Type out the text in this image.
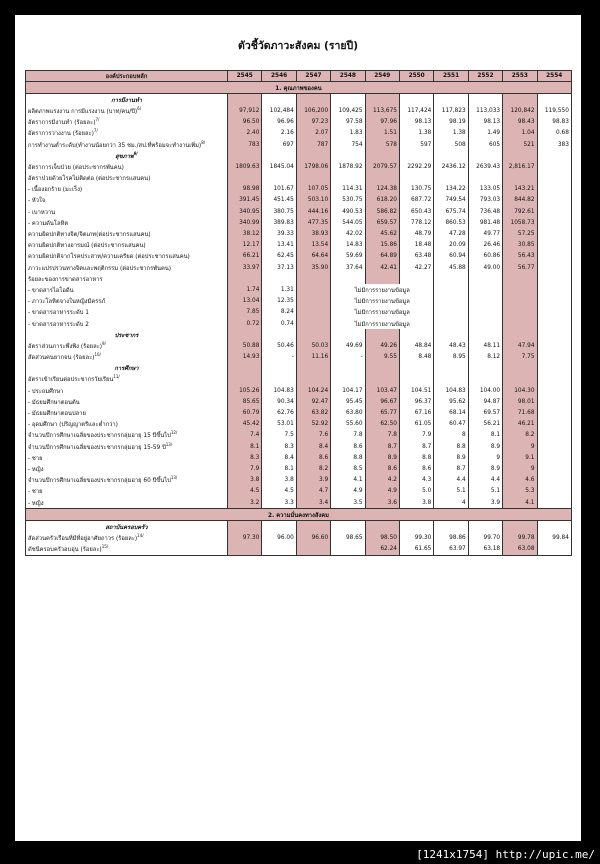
ตัวชี้วัดภาวะสังคม (รายปี)
องค์ประกอบหลัก	2545	2546	2547	2548	2549	2550	2551	2552	2553	2554
1. คุณภาพของคน										
การมีงานทำ										
ผลิตภาพแรงงาน การมีแรงงาน (บาท/คน/ปี)$^{6/}$	97,912	102,484	106,200	109,425	113,675	117,424	117,823	113,033	120,842	119,550
อัตราการมีงานทำ (ร้อยละ)$^{7/}$	96.50	96.96	97.23	97.58	97.96	98.13	98.19	98.13	98.43	98.83
อัตราการว่างงาน (ร้อยละ)$^{7/}$	2.40	2.16	2.07	1.83	1.51	1.38	1.38	1.49	1.04	0.68
การทำงานต่ำระดับ(ทำงานน้อยกว่า 35 ชม./สป.ที่พร้อมจะทำงานเพิ่ม)$^{8/}$	783	697	787	754	578	597	508	605	521	383
สุขภาพ$^{9/}$										
อัตราการเจ็บป่วย (ต่อประชากรพันคน)	1809.63	1845.04	1798.06	1878.92	2079.57	2292.29	2436.12	2639.43	2,816.17	
อัตราป่วยด้วยโรคไม่ติดต่อ (ต่อประชากรแสนคน)										
- เนื้องอกร้าย (มะเร็ง)	98.98	101.67	107.05	114.31	124.38	130.75	134.22	133.05	143.21	
- หัวใจ	391.45	451.45	503.10	530.75	618.20	687.72	749.54	793.03	844.82	
- เบาหวาน	340.95	380.75	444.16	490.53	586.82	650.43	675.74	736.48	792.61	
- ความดันโลหิต	340.99	389.83	477.35	544.05	659.57	778.12	860.53	981.48	1058.73	
ความผิดปกติทางจิต/จิตเภท(ต่อประชากรแสนคน)	38.12	39.33	38.93	42.02	45.62	48.79	47.28	49.77	57.25	
ความผิดปกติทางอารมณ์ (ต่อประชากรแสนคน)	12.17	13.41	13.54	14.83	15.86	18.48	20.09	26.46	30.85	
ความผิดปกติจากโรคประสาท/ความเครียด (ต่อประชากรแสนคน)	66.21	62.45	64.64	59.69	64.89	63.48	60.94	60.86	56.43	
ภาวะแปรปรวนทางจิตและพฤติกรรม (ต่อประชากรพันคน)	33.97	37.13	35.90	37.64	42.41	42.27	45.88	49.00	56.77	
ร้อยละของการขาดสารอาหาร										
- ขาดสารไอโอดีน	1.74	1.31		ไม่มีการรายงานข้อมูล						
- ภาวะโลหิตจางในหญิงมีครรภ์	13.04	12.35		ไม่มีการรายงานข้อมูล						
- ขาดสารอาหารระดับ 1	7.85	8.24		ไม่มีการรายงานข้อมูล						
- ขาดสารอาหารระดับ 2	0.72	0.74		ไม่มีการรายงานข้อมูล						
ประชากร										
อัตราส่วนภาระพึ่งพิง (ร้อยละ)$^{9/}$	50.88	50.46	50.03	49.69	49.26	48.84	48.43	48.11	47.94	
สัดส่วนคนยากจน (ร้อยละ)$^{10/}$	14.93	-	11.16	-	9.55	8.48	8.95	8.12	7.75	
การศึกษา										
อัตราเข้าเรียนต่อประชากรวัยเรียน$^{11/}$										
- ประถมศึกษา	105.26	104.83	104.24	104.17	103.47	104.51	104.83	104.00	104.30	
- มัธยมศึกษาตอนต้น	85.65	90.34	92.47	95.45	96.67	96.37	95.62	94.87	98.01	
- มัธยมศึกษาตอนปลาย	60.79	62.76	63.82	63.80	65.77	67.16	68.14	69.57	71.68	
- อุดมศึกษา (ปริญญาตรีและต่ำกว่า)	45.42	53.01	52.92	55.60	62.50	61.05	60.47	56.21	46.21	
จำนวนปีการศึกษาเฉลี่ยของประชากรกลุ่มอายุ 15 ปีขึ้นไป$^{12/}$	7.4	7.5	7.6	7.8	7.8	7.9	8	8.1	8.2	
จำนวนปีการศึกษาเฉลี่ยของประชากรกลุ่มอายุ 15-59 ปี$^{13/}$	8.1	8.3	8.4	8.6	8.7	8.7	8.8	8.9	9	
- ชาย	8.3	8.4	8.6	8.8	8.9	8.8	8.9	9	9.1	
- หญิง	7.9	8.1	8.2	8.5	8.6	8.6	8.7	8.9	9	
จำนวนปีการศึกษาเฉลี่ยของประชากรกลุ่มอายุ 60 ปีขึ้นไป$^{13/}$	3.8	3.8	3.9	4.1	4.2	4.3	4.4	4.4	4.6	
- ชาย	4.5	4.5	4.7	4.9	4.9	5.0	5.1	5.1	5.3	
- หญิง	3.2	3.3	3.4	3.5	3.6	3.8	4	3.9	4.1	
2. ความมั่นคงทางสังคม										
สถาบันครอบครัว										
สัดส่วนครัวเรือนที่มีที่อยู่อาศัยถาวร (ร้อยละ)$^{14/}$	97.30	96.00	96.60	98.65	98.50	99.30	98.86	99.70	99.78	99.84
ดัชนีครอบครัวอบอุ่น (ร้อยละ)$^{15/}$					62.24	61.65	63.97	63.18	63.08	
[1241x1754] http://upic.me/
